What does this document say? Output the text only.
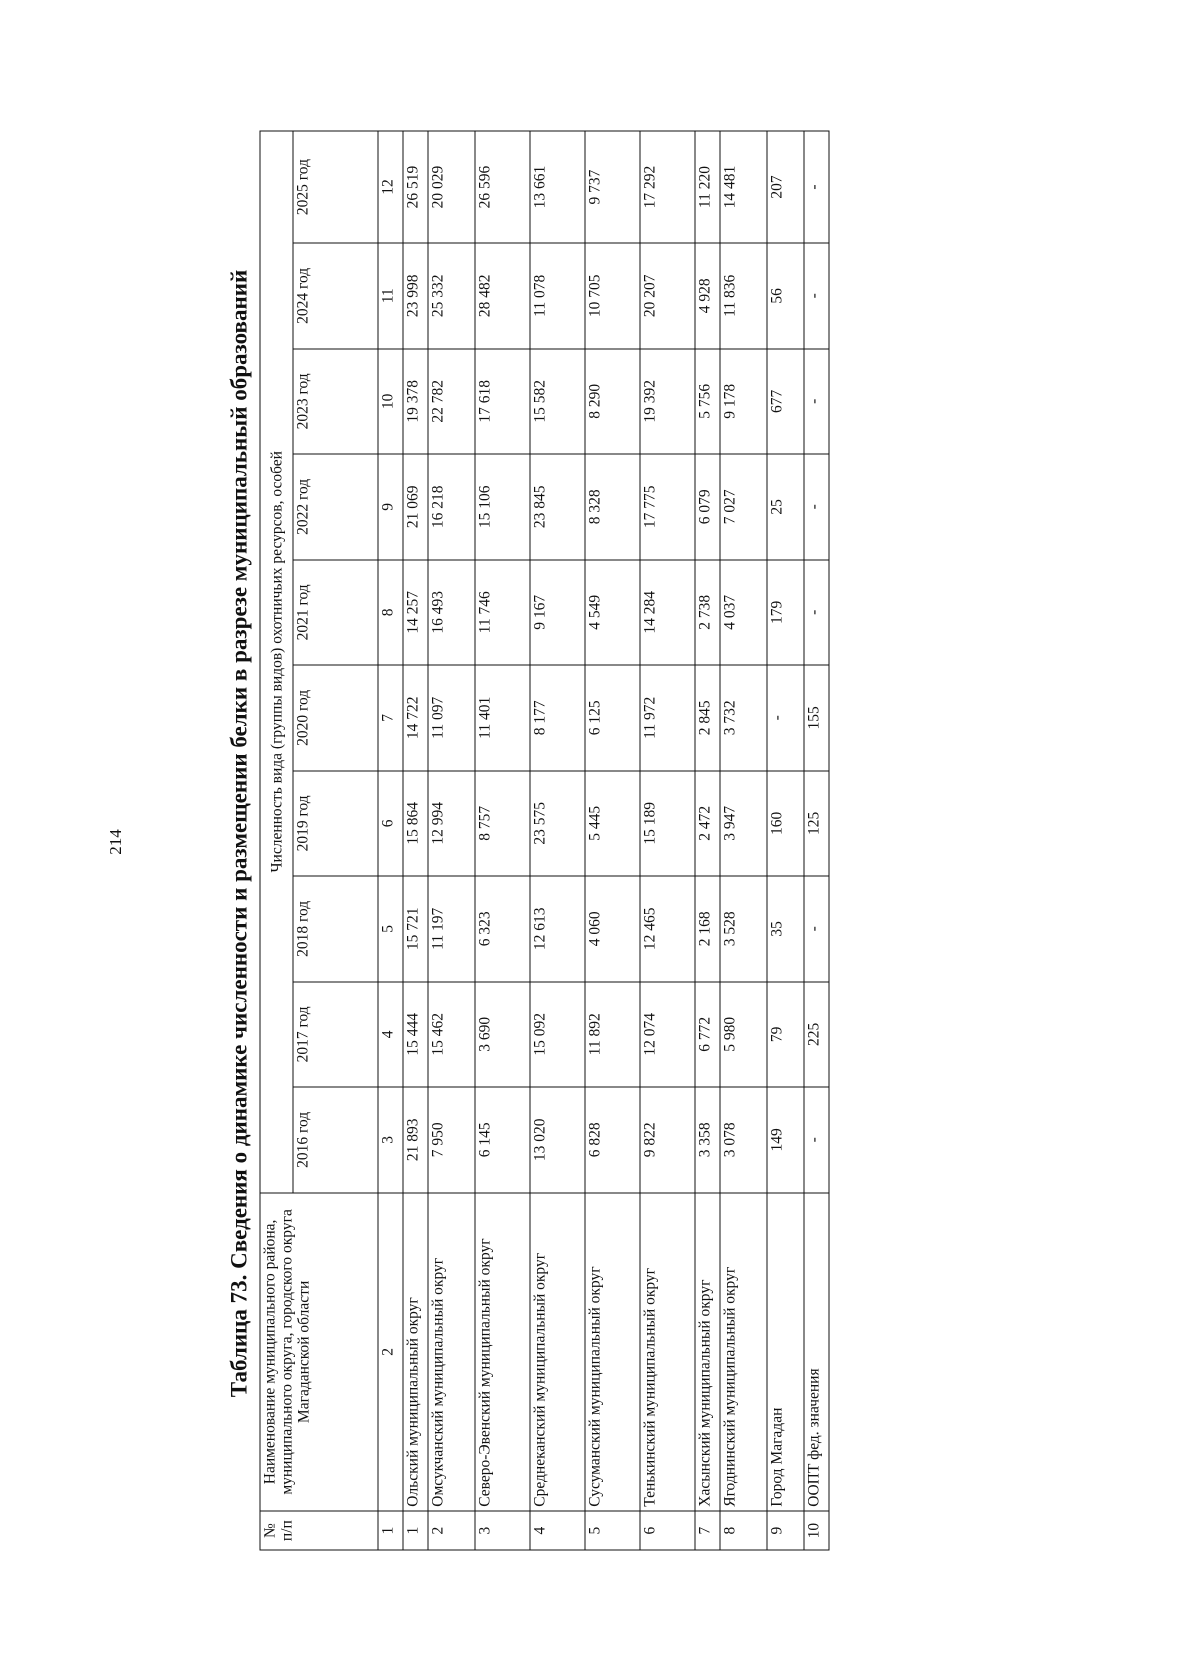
214	Таблица 73. Сведения о динамике численности и размещении белки в разрезе муниципальный образований
№ п/п	Наименование муниципального района, муниципального округа, городского округа Магаданской области	Численность вида (группы видов) охотничьих ресурсов, особей									
		2016 год	2017 год	2018 год	2019 год	2020 год	2021 год	2022 год	2023 год	2024 год	2025 год
1	2	3	4	5	6	7	8	9	10	11	12
1	Ольский муниципальный округ	21 893	15 444	15 721	15 864	14 722	14 257	21 069	19 378	23 998	26 519
2	Омсукчанский муниципальный округ	7 950	15 462	11 197	12 994	11 097	16 493	16 218	22 782	25 332	20 029
3	Северо-Эвенский муниципальный округ	6 145	3 690	6 323	8 757	11 401	11 746	15 106	17 618	28 482	26 596
4	Среднеканский муниципальный округ	13 020	15 092	12 613	23 575	8 177	9 167	23 845	15 582	11 078	13 661
5	Сусуманский муниципальный округ	6 828	11 892	4 060	5 445	6 125	4 549	8 328	8 290	10 705	9 737
6	Тенькинский муниципальный округ	9 822	12 074	12 465	15 189	11 972	14 284	17 775	19 392	20 207	17 292
7	Хасынский муниципальный округ	3 358	6 772	2 168	2 472	2 845	2 738	6 079	5 756	4 928	11 220
8	Ягоднинский муниципальный округ	3 078	5 980	3 528	3 947	3 732	4 037	7 027	9 178	11 836	14 481
9	Город Магадан	149	79	35	160	-	179	25	677	56	207
10	ООПТ фед. значения	-	225	-	125	155	-	-	-	-	-
